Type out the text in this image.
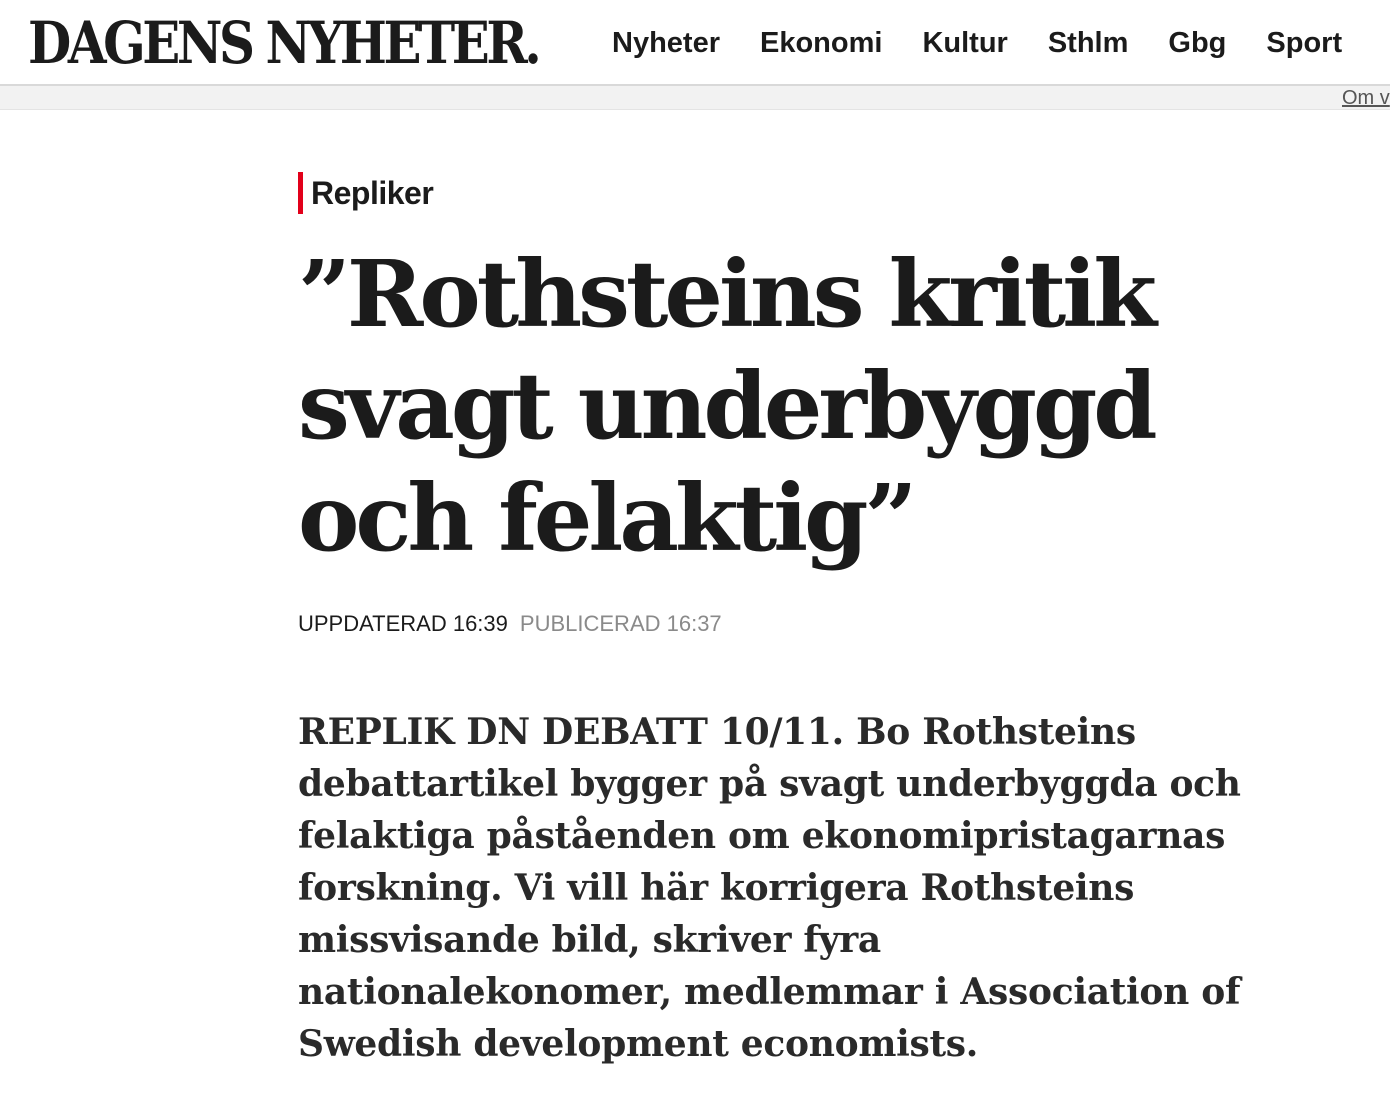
DAGENS NYHETER.	Nyheter Ekonomi Kultur Sthlm Gbg Sport
Om v
Repliker
”Rothsteins kritik svagt underbyggd och felaktig”
UPPDATERAD 16:39 PUBLICERAD 16:37

REPLIK DN DEBATT 10/11. Bo Rothsteins debattartikel bygger på svagt underbyggda och felaktiga påståenden om ekonomipristagarnas forskning. Vi vill här korrigera Rothsteins missvisande bild, skriver fyra nationalekonomer, medlemmar i Association of Swedish development economists.
